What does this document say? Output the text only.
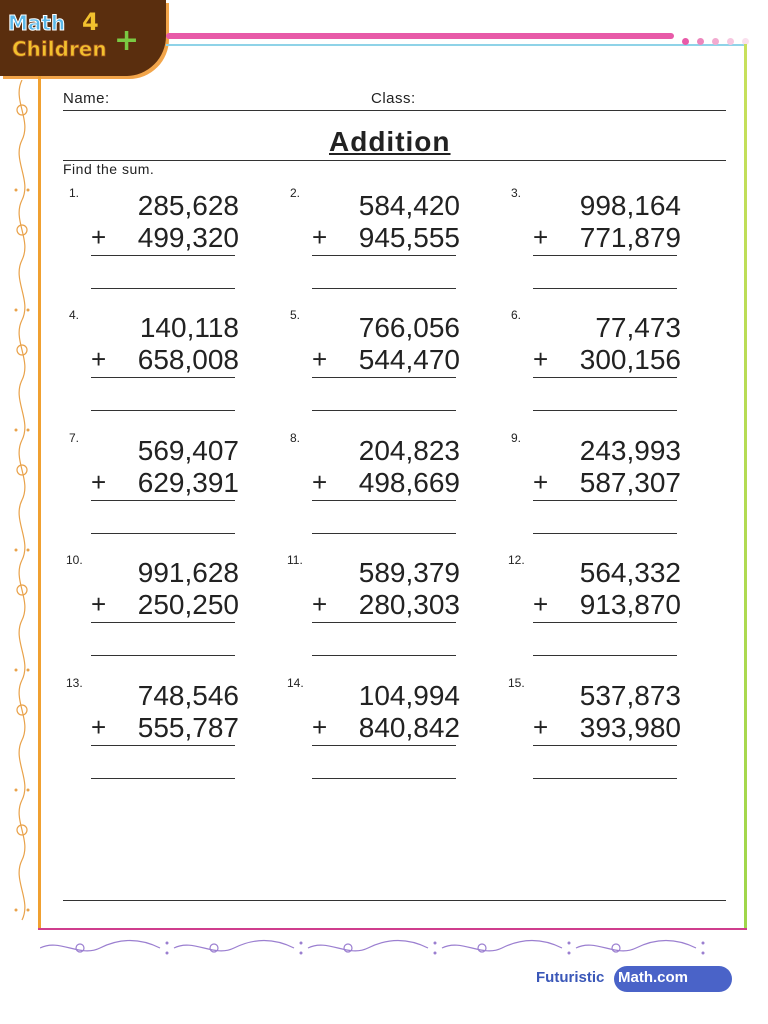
Math 4
Children +
Name:	Class:
Addition
Find the sum.
1. 285,628
+ 499,320
2. 584,420
+ 945,555
3. 998,164
+ 771,879
4. 140,118
+ 658,008
5. 766,056
+ 544,470
6.	77,473
+ 300,156
7. 569,407
+ 629,391
8. 204,823
+ 498,669
9. 243,993
+ 587,307
10. 991,628
+ 250,250
11. 589,379
+ 280,303
12. 564,332
+ 913,870
13. 748,546
+ 555,787
14. 104,994
+ 840,842
15. 537,873
+ 393,980
Futuristic Math.com
